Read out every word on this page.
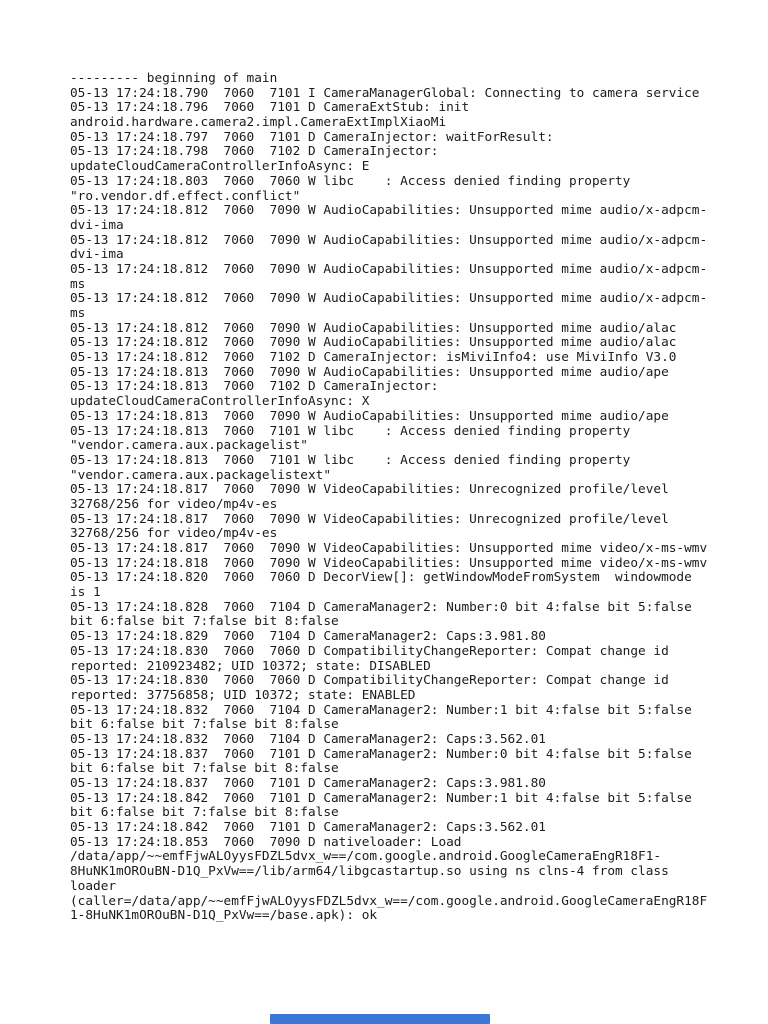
--------- beginning of main
05-13 17:24:18.790  7060  7101 I CameraManagerGlobal: Connecting to camera service
05-13 17:24:18.796  7060  7101 D CameraExtStub: init
android.hardware.camera2.impl.CameraExtImplXiaoMi
05-13 17:24:18.797  7060  7101 D CameraInjector: waitForResult:
05-13 17:24:18.798  7060  7102 D CameraInjector:
updateCloudCameraControllerInfoAsync: E
05-13 17:24:18.803  7060  7060 W libc    : Access denied finding property
"ro.vendor.df.effect.conflict"
05-13 17:24:18.812  7060  7090 W AudioCapabilities: Unsupported mime audio/x-adpcm-
dvi-ima
05-13 17:24:18.812  7060  7090 W AudioCapabilities: Unsupported mime audio/x-adpcm-
dvi-ima
05-13 17:24:18.812  7060  7090 W AudioCapabilities: Unsupported mime audio/x-adpcm-
ms
05-13 17:24:18.812  7060  7090 W AudioCapabilities: Unsupported mime audio/x-adpcm-
ms
05-13 17:24:18.812  7060  7090 W AudioCapabilities: Unsupported mime audio/alac
05-13 17:24:18.812  7060  7090 W AudioCapabilities: Unsupported mime audio/alac
05-13 17:24:18.812  7060  7102 D CameraInjector: isMiviInfo4: use MiviInfo V3.0
05-13 17:24:18.813  7060  7090 W AudioCapabilities: Unsupported mime audio/ape
05-13 17:24:18.813  7060  7102 D CameraInjector:
updateCloudCameraControllerInfoAsync: X
05-13 17:24:18.813  7060  7090 W AudioCapabilities: Unsupported mime audio/ape
05-13 17:24:18.813  7060  7101 W libc    : Access denied finding property
"vendor.camera.aux.packagelist"
05-13 17:24:18.813  7060  7101 W libc    : Access denied finding property
"vendor.camera.aux.packagelistext"
05-13 17:24:18.817  7060  7090 W VideoCapabilities: Unrecognized profile/level
32768/256 for video/mp4v-es
05-13 17:24:18.817  7060  7090 W VideoCapabilities: Unrecognized profile/level
32768/256 for video/mp4v-es
05-13 17:24:18.817  7060  7090 W VideoCapabilities: Unsupported mime video/x-ms-wmv
05-13 17:24:18.818  7060  7090 W VideoCapabilities: Unsupported mime video/x-ms-wmv
05-13 17:24:18.820  7060  7060 D DecorView[]: getWindowModeFromSystem  windowmode
is 1
05-13 17:24:18.828  7060  7104 D CameraManager2: Number:0 bit 4:false bit 5:false
bit 6:false bit 7:false bit 8:false
05-13 17:24:18.829  7060  7104 D CameraManager2: Caps:3.981.80
05-13 17:24:18.830  7060  7060 D CompatibilityChangeReporter: Compat change id
reported: 210923482; UID 10372; state: DISABLED
05-13 17:24:18.830  7060  7060 D CompatibilityChangeReporter: Compat change id
reported: 37756858; UID 10372; state: ENABLED
05-13 17:24:18.832  7060  7104 D CameraManager2: Number:1 bit 4:false bit 5:false
bit 6:false bit 7:false bit 8:false
05-13 17:24:18.832  7060  7104 D CameraManager2: Caps:3.562.01
05-13 17:24:18.837  7060  7101 D CameraManager2: Number:0 bit 4:false bit 5:false
bit 6:false bit 7:false bit 8:false
05-13 17:24:18.837  7060  7101 D CameraManager2: Caps:3.981.80
05-13 17:24:18.842  7060  7101 D CameraManager2: Number:1 bit 4:false bit 5:false
bit 6:false bit 7:false bit 8:false
05-13 17:24:18.842  7060  7101 D CameraManager2: Caps:3.562.01
05-13 17:24:18.853  7060  7090 D nativeloader: Load
/data/app/~~emfFjwALOyysFDZL5dvx_w==/com.google.android.GoogleCameraEngR18F1-
8HuNK1mOROuBN-D1Q_PxVw==/lib/arm64/libgcastartup.so using ns clns-4 from class
loader
(caller=/data/app/~~emfFjwALOyysFDZL5dvx_w==/com.google.android.GoogleCameraEngR18F
1-8HuNK1mOROuBN-D1Q_PxVw==/base.apk): ok
